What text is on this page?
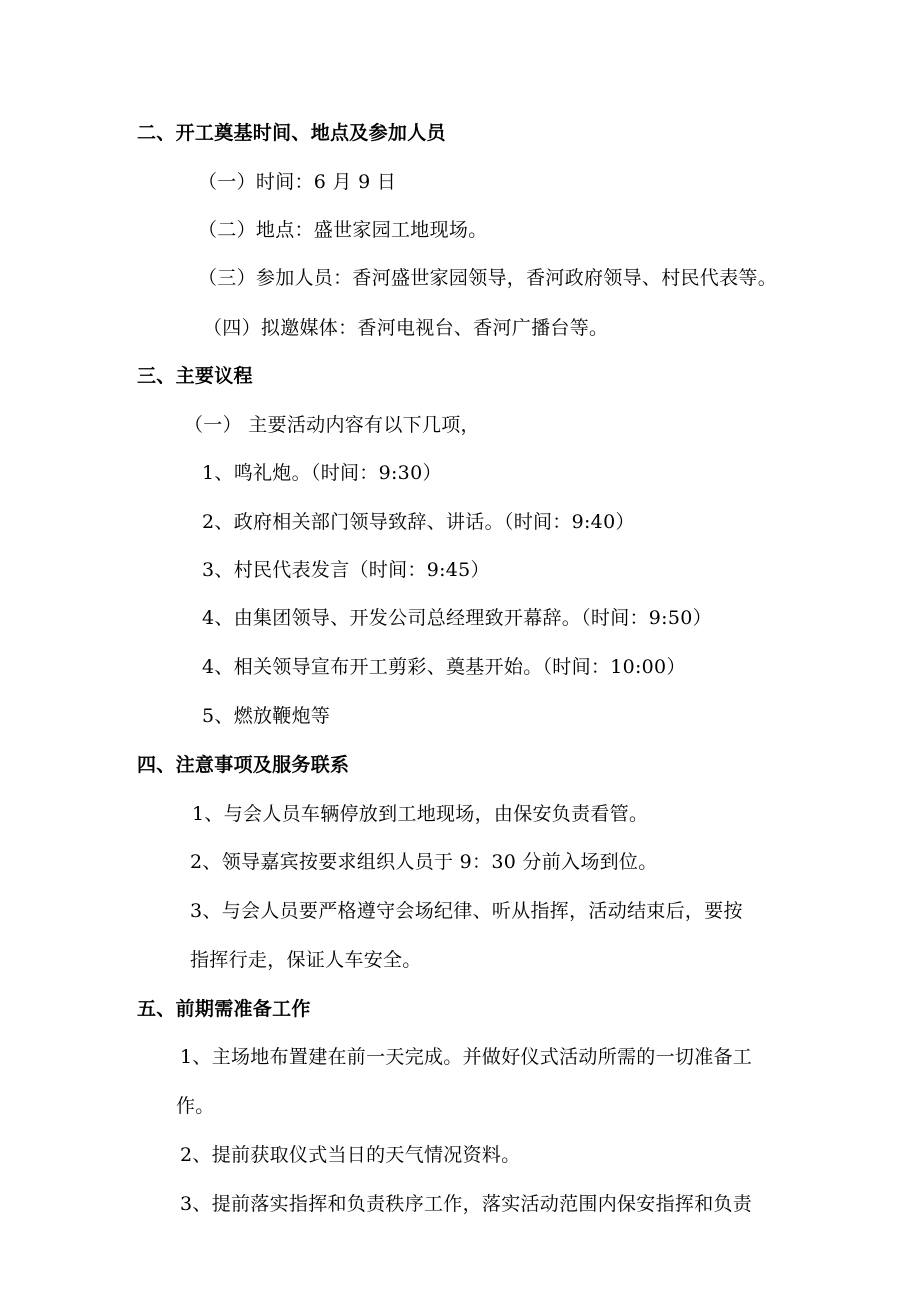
二、开工奠基时间、地点及参加人员
（一）时间：6 月 9 日
（二）地点：盛世家园工地现场。
（三）参加人员：香河盛世家园领导，香河政府领导、村民代表等。
（四）拟邀媒体：香河电视台、香河广播台等。
三、主要议程
（一） 主要活动内容有以下几项，
1、鸣礼炮。（时间：9:30）
2、政府相关部门领导致辞、讲话。（时间：9:40）
3、村民代表发言（时间：9:45）
4、由集团领导、开发公司总经理致开幕辞。（时间：9:50）
4、相关领导宣布开工剪彩、奠基开始。（时间：10:00）
5、燃放鞭炮等
四、注意事项及服务联系
1、与会人员车辆停放到工地现场，由保安负责看管。
2、领导嘉宾按要求组织人员于 9：30 分前入场到位。
3、与会人员要严格遵守会场纪律、听从指挥，活动结束后，要按
指挥行走，保证人车安全。
五、前期需准备工作
1、主场地布置建在前一天完成。并做好仪式活动所需的一切准备工
作。
2、提前获取仪式当日的天气情况资料。
3、提前落实指挥和负责秩序工作，落实活动范围内保安指挥和负责
